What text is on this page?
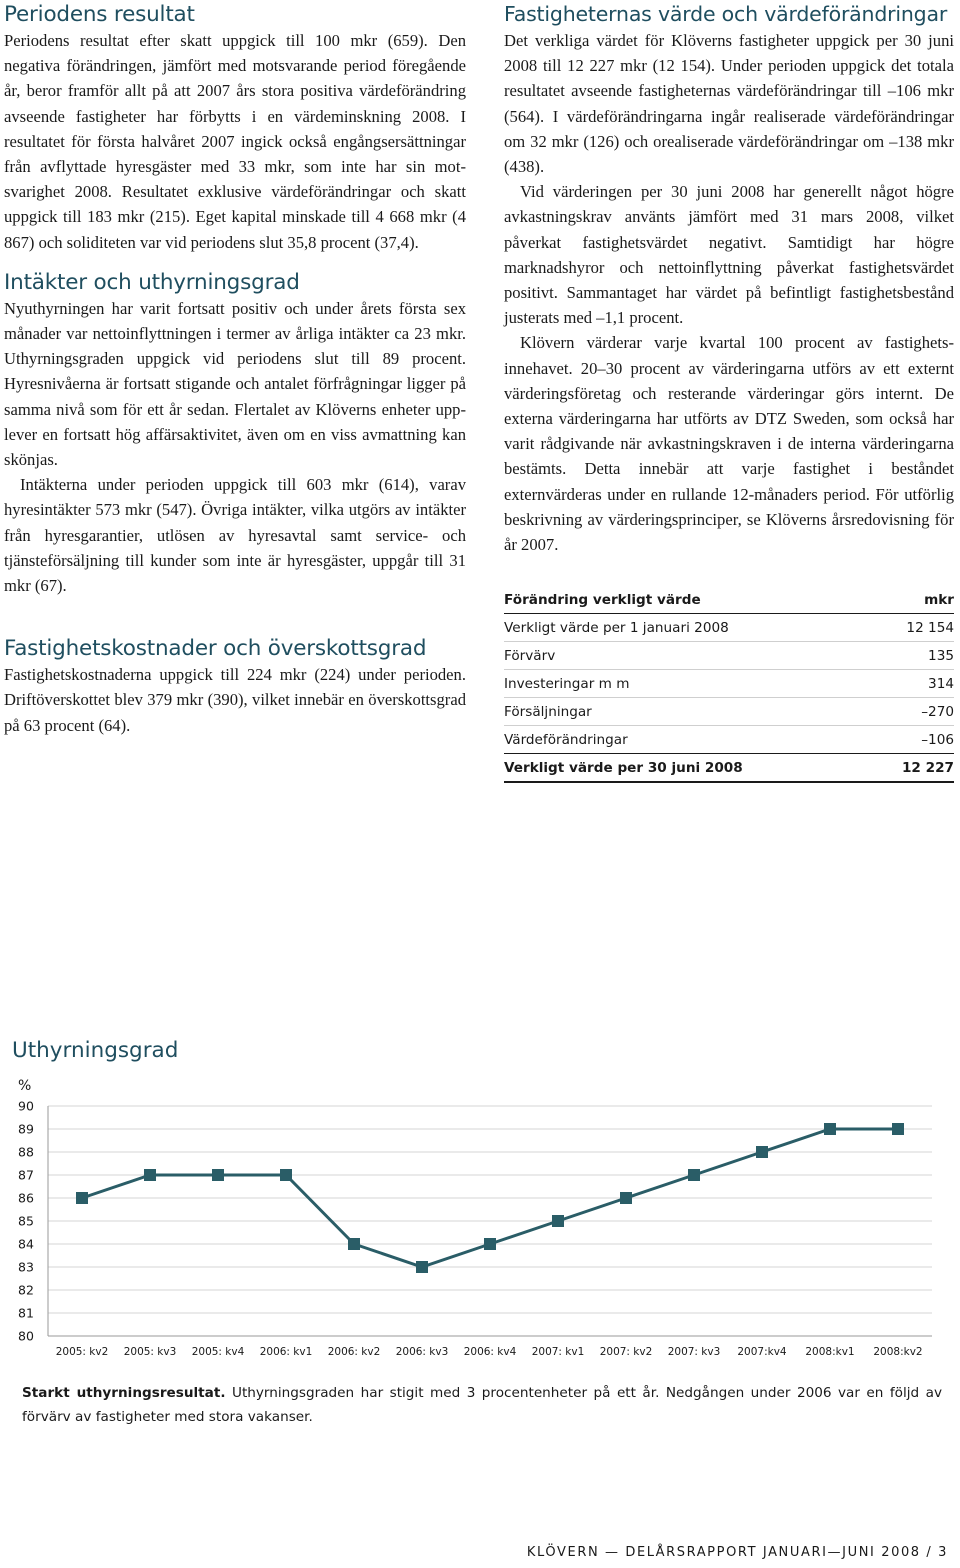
Periodens resultat

Periodens resultat efter skatt uppgick till 100 mkr (659). Den negativa förändringen, jämfört med motsvarande period föregående år, beror framför allt på att 2007 års stora positiva värdeförändring avseende fastigheter har förbytts i en värdeminskning 2008. I resultatet för första halvåret 2007 ingick också engångsersättningar från avflyttade hyresgäster med 33 mkr, som inte har sin motsvarighet 2008. Resultatet exklusive värdeförändringar och skatt uppgick till 183 mkr (215). Eget kapital minskade till 4 668 mkr (4 867) och soliditeten var vid periodens slut 35,8 procent (37,4).

Intäkter och uthyrningsgrad

Nyuthyrningen har varit fortsatt positiv och under årets första sex månader var nettoinflyttningen i termer av årliga intäkter ca 23 mkr. Uthyrningsgraden uppgick vid periodens slut till 89 procent. Hyresnivåerna är fortsatt stigande och antalet förfrågningar ligger på samma nivå som för ett år sedan. Flertalet av Klöverns enheter upplever en fortsatt hög affärsaktivitet, även om en viss avmattning kan skönjas.

Intäkterna under perioden uppgick till 603 mkr (614), varav hyresintäkter 573 mkr (547). Övriga intäkter, vilka utgörs av intäkter från hyresgarantier, utlösen av hyresavtal samt service- och tjänsteförsäljning till kunder som inte är hyresgäster, uppgår till 31 mkr (67).

Fastighetskostnader och överskottsgrad

Fastighetskostnaderna uppgick till 224 mkr (224) under perioden. Driftöverskottet blev 379 mkr (390), vilket innebär en överskottsgrad på 63 procent (64).

Fastigheternas värde och värdeförändringar

Det verkliga värdet för Klöverns fastigheter uppgick per 30 juni 2008 till 12 227 mkr (12 154). Under perioden uppgick det totala resultatet avseende fastigheternas värdeförändringar till –106 mkr (564). I värdeförändringarna ingår realiserade värdeförändringar om 32 mkr (126) och orealiserade värdeförändringar om –138 mkr (438).

Vid värderingen per 30 juni 2008 har generellt något högre avkastningskrav använts jämfört med 31 mars 2008, vilket påverkat fastighetsvärdet negativt. Samtidigt har högre marknadshyror och nettoinflyttning påverkat fastighetsvärdet positivt. Sammantaget har värdet på befintligt fastighetsbestånd justerats med –1,1 procent.

Klövern värderar varje kvartal 100 procent av fastighetsinnehavet. 20–30 procent av värderingarna utförs av ett externt värderingsföretag och resterande värderingar görs internt. De externa värderingarna har utförts av DTZ Sweden, som också har varit rådgivande när avkastningskraven i de interna värderingarna bestämts. Detta innebär att varje fastighet i beståndet externvärderas under en rullande 12-månaders period. För utförlig beskrivning av värderingsprinciper, se Klöverns årsredovisning för år 2007.

Förändring verkligt värde	mkr
Verkligt värde per 1 januari 2008	12 154
Förvärv	135
Investeringar m m	314
Försäljningar	–270
Värdeförändringar	–106
Verkligt värde per 30 juni 2008	12 227
Uthyrningsgrad
%
80
81
82
83
84
85
86
87
88
89
90
2005: kv2 2005: kv3 2005: kv4 2006: kv1 2006: kv2 2006: kv3 2006: kv4 2007: kv1 2007: kv2 2007: kv3 2007:kv4 2008:kv1 2008:kv2

Starkt uthyrningsresultat. Uthyrningsgraden har stigit med 3 procentenheter på ett år. Nedgången under 2006 var en följd av förvärv av fastigheter med stora vakanser.

KLÖVERN — DELÅRSRAPPORT JANUARI—JUNI 2008 / 3
